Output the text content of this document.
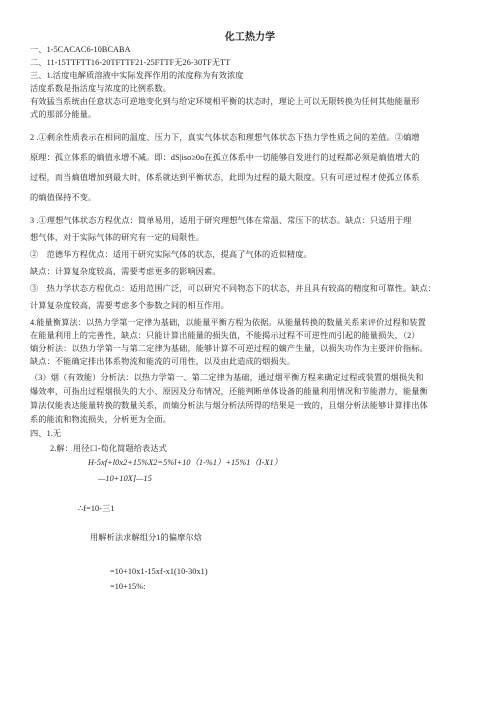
化工热力学
一、1-5CACAC6-10BCABA
二、11-15TTFTT16-20TFTTF21-25FTTF无26-30TF无TT
三、1.活度电解质溶液中实际发挥作用的浓度称为有效浓度
活度系数是指活度与浓度的比例系数。
有效猛当系统由任意状态可逆地变化到与给定环境相平衡的状态时，理论上可以无限转换为任何其他能量形
式的那部分能量。
2 .①剩余性质表示在相同的温度、压力下，真实气体状态和理想气体状态下热力学性质之间的差值。②熵增
原理：孤立体系的熵值永增不减。即：dS|iso≥0o在孤立体系中一切能够自发进行的过程都必须是熵值增大的
过程，而当熵值增加到最大时，体系就达到平衡状态，此即为过程的最大限度。只有可逆过程才使孤立体系
的熵值保持不变。
3 .①理想气体状态方程优点：简单易用，适用于研究理想气体在常温、常压下的状态。缺点：只适用于理
想气体，对于实际气体的研究有一定的局限性。
②　范德华方程优点：适用于研究实际气体的状态，提高了气体的近似精度。
缺点：计算复杂度较高，需要考虑更多的影响因素。
③　热力学状态方程优点：适用范围广泛，可以研究不同物态下的状态，并且具有较高的精度和可靠性。缺点：
计算复杂度较高，需要考虑多个参数之间的相互作用。
4.能量衡算法：以热力学第一定律为基础，以能量平衡方程为依据。从能量转换的数量关系来评价过程和装置
在能量利用上的完善性，缺点：只能计算出能量的损失值，不能揭示过程不可逆性而引起的能量损失，（2）
熵分析法：以热力学第一与第二定律为基础，能够计算不可逆过程的嫡产生量，以损失功作为主要评价指标。
缺点：不能确定排出体系物流和能流的可用性，以及由此造成的烟损失。
（3）烟（有效能）分析法：以热力学第一、第二定律为基础，通过烟平衡方程来确定过程或装置的烟损失和
爆效率，可指出过程烟损失的大小、原因及分布情况，还能判断单体设备的能量利用情况和节能潜力，能量衡
算法仅能表达能量转换的数量关系，而熵分析法与烟分析法所得的结果是一致的，且烟分析法能够计算排出体
系的能流和物流损失，分析更为全面。
四、1.无
2.解：用径口-荀化简题给表达式
H-5xf+l0x2+15%X2=5%l+10（1-%1）+15%1（I-X1）
—10+10X]—15
∴f=10-三1
用解析法求解组分1的偏摩尔焓
=10+10x1-15xf-x1(10-30x1)
=10+15%:
